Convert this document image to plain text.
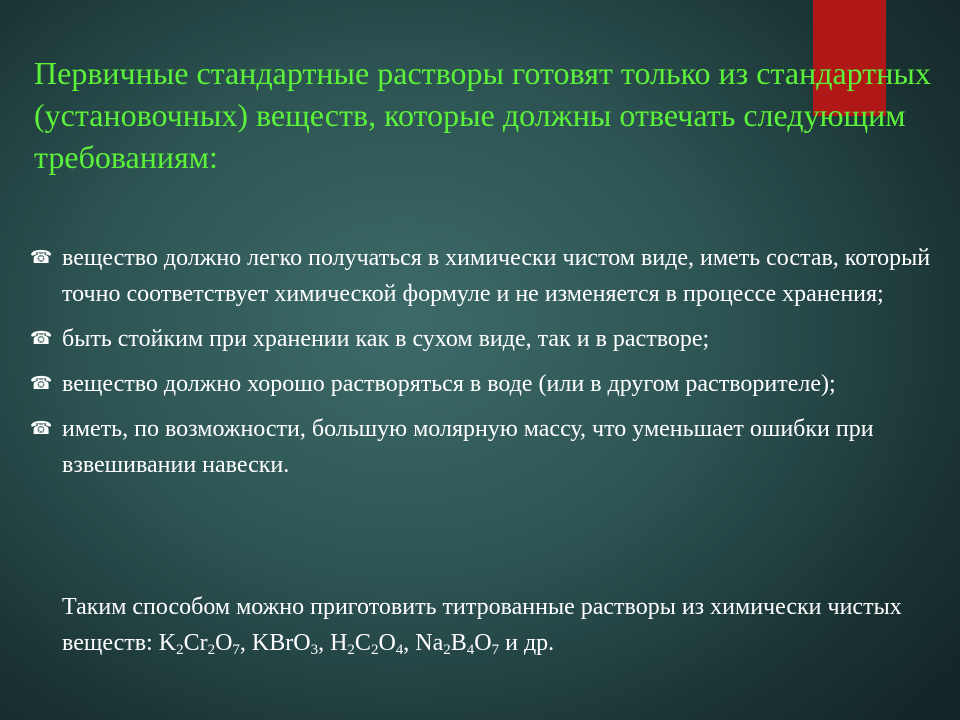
Первичные стандартные растворы готовят только из стандартных (установочных) веществ, которые должны отвечать следующим требованиям:
☎ вещество должно легко получаться в химически чистом виде, иметь состав, который точно соответствует химической формуле и не изменяется в процессе хранения;
☎ быть стойким при хранении как в сухом виде, так и в растворе;
☎ вещество должно хорошо растворяться в воде (или в другом растворителе);
☎ иметь, по возможности, большую молярную массу, что уменьшает ошибки при взвешивании навески.

Таким способом можно приготовить титрованные растворы из химически чистых веществ: $K_2Cr_2O_7$, KBrO$_3$, $H_2C_2O_4$, $Na_2B_4O_7$ и др.
